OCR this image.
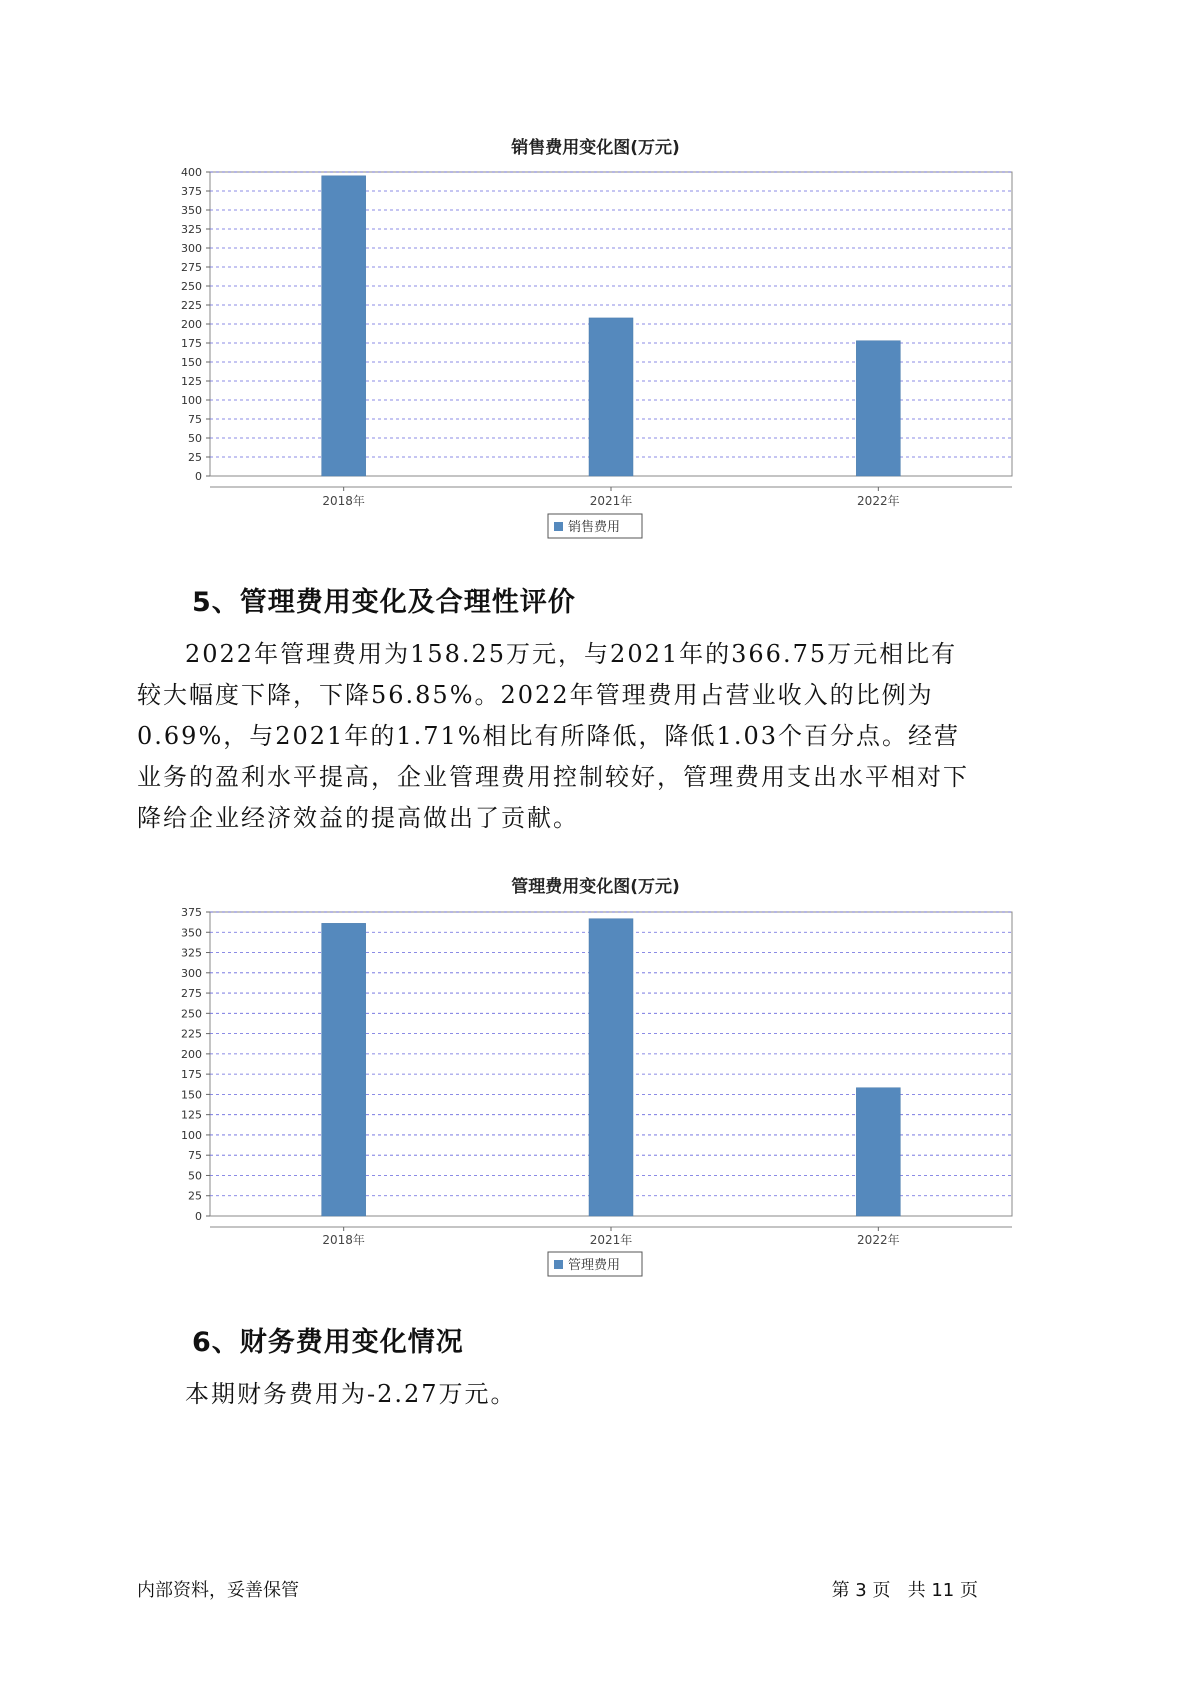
销售费用变化图(万元)
0
25
50
75
100
125
150
175
200
225
250
275
300
325
350
375
400
2018年	2021年	2022年
销售费用
5、管理费用变化及合理性评价

2022年管理费用为158.25万元，与2021年的366.75万元相比有较大幅度下降，下降56.85%。2022年管理费用占营业收入的比例为0.69%，与2021年的1.71%相比有所降低，降低1.03个百分点。经营业务的盈利水平提高，企业管理费用控制较好，管理费用支出水平相对下降给企业经济效益的提高做出了贡献。

管理费用变化图(万元)
0
25
50
75
100
125
150
175
200
225
250
275
300
325
350
375
2018年	2021年	2022年
管理费用
6、财务费用变化情况

本期财务费用为-2.27万元。

内部资料，妥善保管	第 3 页   共 11 页
